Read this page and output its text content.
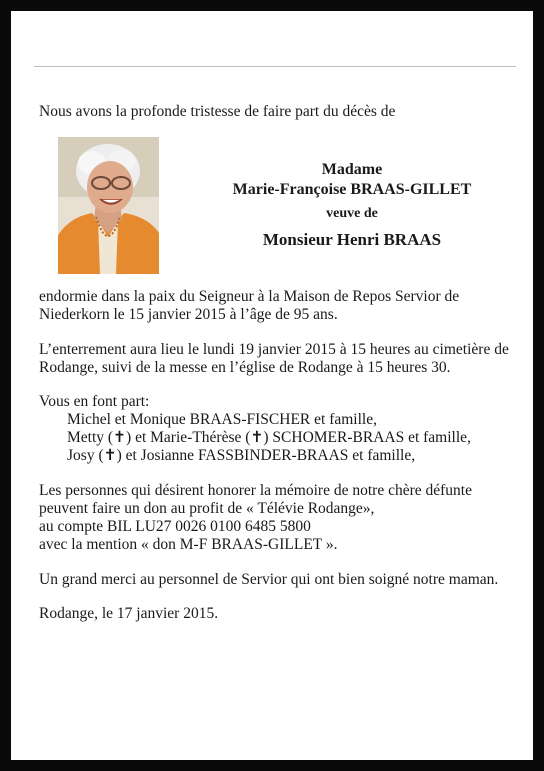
Nous avons la profonde tristesse de faire part du décès de
Madame
Marie-Françoise BRAAS-GILLET
veuve de
Monsieur Henri BRAAS
endormie dans la paix du Seigneur à la Maison de Repos Servior de
Niederkorn le 15 janvier 2015 à l’âge de 95 ans.
L’enterrement aura lieu le lundi 19 janvier 2015 à 15 heures au cimetière de
Rodange, suivi de la messe en l’église de Rodange à 15 heures 30.
Vous en font part:
Michel et Monique BRAAS-FISCHER et famille,
Metty (✝) et Marie-Thérèse (✝) SCHOMER-BRAAS et famille,
Josy (✝) et Josianne FASSBINDER-BRAAS et famille,
Les personnes qui désirent honorer la mémoire de notre chère défunte
peuvent faire un don au profit de « Télévie Rodange»,
au compte BIL LU27 0026 0100 6485 5800
avec la mention « don M-F BRAAS-GILLET ».
Un grand merci au personnel de Servior qui ont bien soigné notre maman.
Rodange, le 17 janvier 2015.
